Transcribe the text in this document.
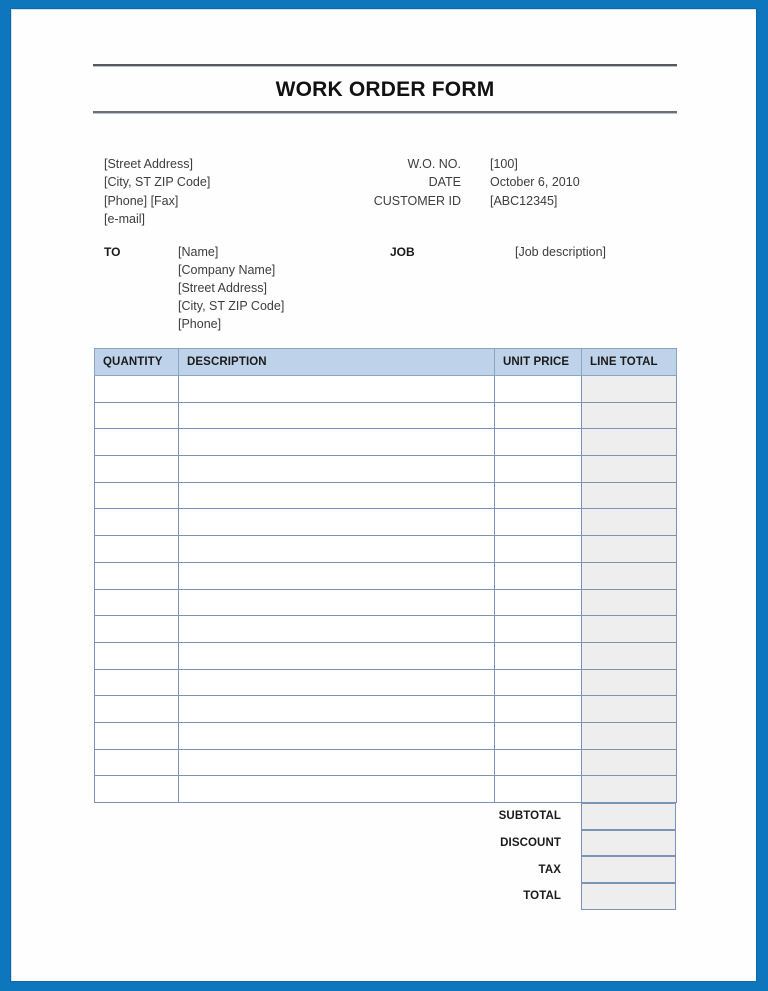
WORK ORDER FORM
[Street Address]
[City, ST ZIP Code]
[Phone] [Fax]
[e-mail]
W.O. NO.	[100]
DATE	October 6, 2010
CUSTOMER ID	[ABC12345]
TO	[Name]
[Company Name]
[Street Address]
[City, ST ZIP Code]
[Phone]
JOB	[Job description]
QUANTITY	DESCRIPTION	UNIT PRICE	LINE TOTAL

SUBTOTAL
DISCOUNT
TAX
TOTAL
